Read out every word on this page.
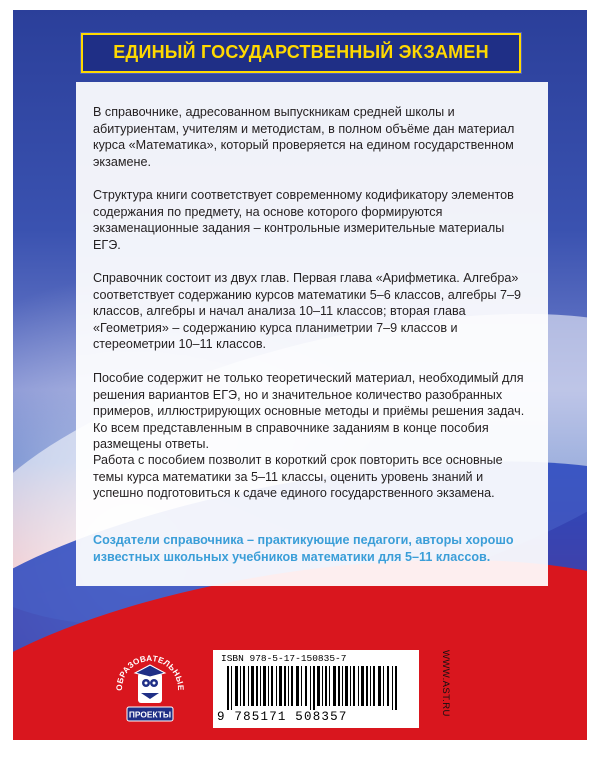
ЕДИНЫЙ ГОСУДАРСТВЕННЫЙ ЭКЗАМЕН

В справочнике, адресованном выпускникам средней школы и абитуриентам, учителям и методистам, в полном объёме дан материал курса «Математика», который проверяется на едином государственном экзамене.

Структура книги соответствует современному кодификатору элементов содержания по предмету, на основе которого формируются экзаменационные задания – контрольные измерительные материалы ЕГЭ.

Справочник состоит из двух глав. Первая глава «Арифметика. Алгебра» соответствует содержанию курсов математики 5–6 классов, алгебры 7–9 классов, алгебры и начал анализа 10–11 классов; вторая глава «Геометрия» – содержанию курса планиметрии 7–9 классов и стереометрии 10–11 классов.

Пособие содержит не только теоретический материал, необходимый для решения вариантов ЕГЭ, но и значительное количество разобранных примеров, иллюстрирующих основные методы и приёмы решения задач. Ко всем представленным в справочнике заданиям в конце пособия размещены ответы.

Работа с пособием позволит в короткий срок повторить все основные темы курса математики за 5–11 классы, оценить уровень знаний и успешно подготовиться к сдаче единого государственного экзамена.

Создатели справочника – практикующие педагоги, авторы хорошо известных школьных учебников математики для 5–11 классов.

ОБРАЗОВАТЕЛЬНЫЕ
ПРОЕКТЫ
ISBN 978-5-17-150835-7
9 785171 508357
WWW.AST.RU
